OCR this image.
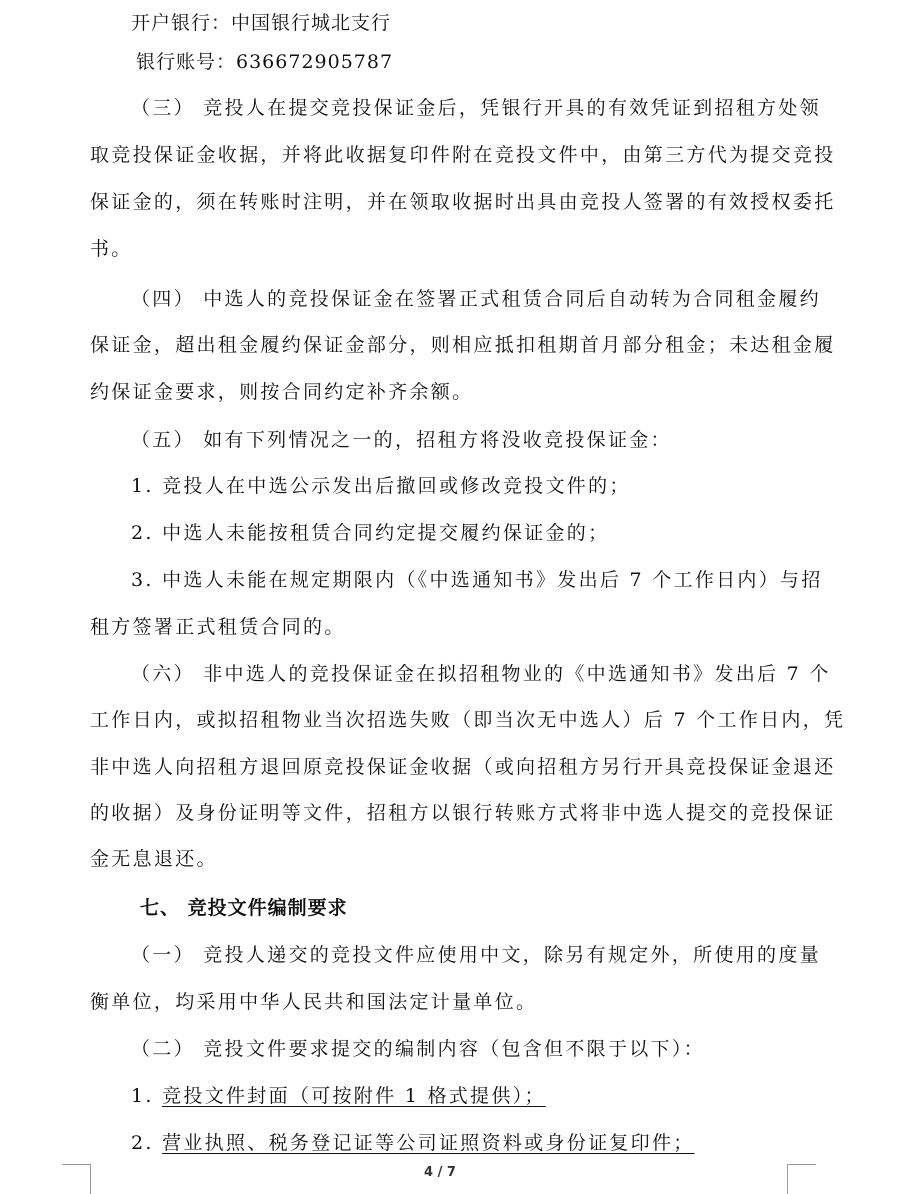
开户银行：中国银行城北支行
银行账号：636672905787
（三） 竞投人在提交竞投保证金后，凭银行开具的有效凭证到招租方处领
取竞投保证金收据，并将此收据复印件附在竞投文件中，由第三方代为提交竞投
保证金的，须在转账时注明，并在领取收据时出具由竞投人签署的有效授权委托
书。
（四） 中选人的竞投保证金在签署正式租赁合同后自动转为合同租金履约
保证金，超出租金履约保证金部分，则相应抵扣租期首月部分租金；未达租金履
约保证金要求，则按合同约定补齐余额。
（五） 如有下列情况之一的，招租方将没收竞投保证金：
1. 竞投人在中选公示发出后撤回或修改竞投文件的；
2. 中选人未能按租赁合同约定提交履约保证金的；
3. 中选人未能在规定期限内（《中选通知书》发出后 7 个工作日内）与招
租方签署正式租赁合同的。
（六） 非中选人的竞投保证金在拟招租物业的《中选通知书》发出后 7 个
工作日内，或拟招租物业当次招选失败（即当次无中选人）后 7 个工作日内，凭
非中选人向招租方退回原竞投保证金收据（或向招租方另行开具竞投保证金退还
的收据）及身份证明等文件，招租方以银行转账方式将非中选人提交的竞投保证
金无息退还。
七、 竞投文件编制要求
（一） 竞投人递交的竞投文件应使用中文，除另有规定外，所使用的度量
衡单位，均采用中华人民共和国法定计量单位。
（二） 竞投文件要求提交的编制内容（包含但不限于以下）：
1. 竞投文件封面（可按附件 1 格式提供）；
2. 营业执照、税务登记证等公司证照资料或身份证复印件；
4 / 7
